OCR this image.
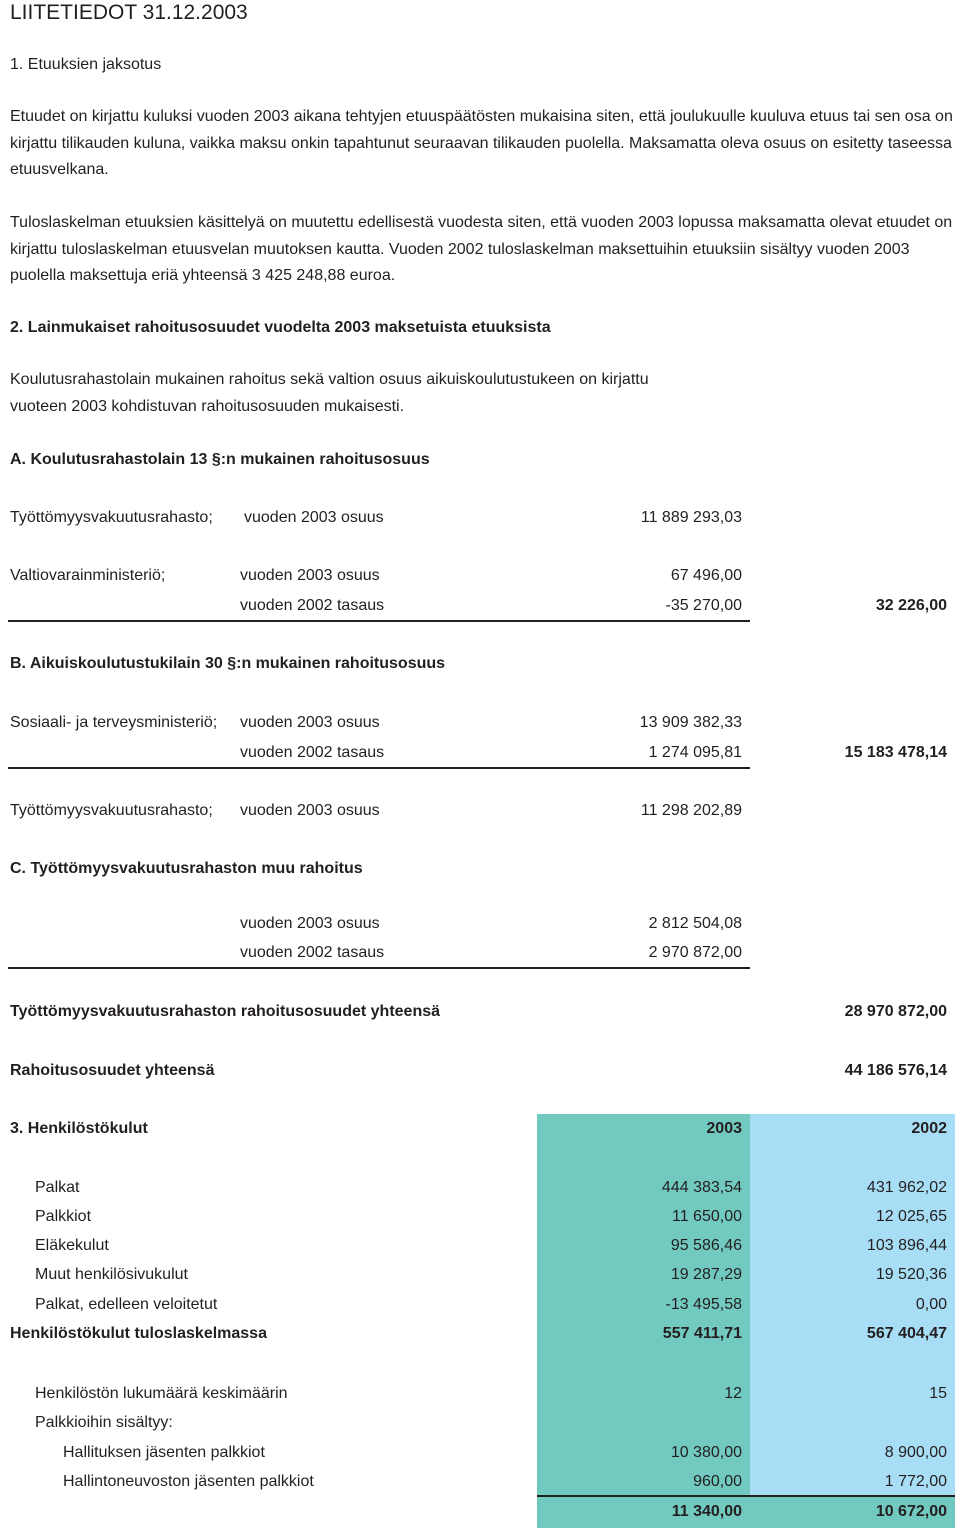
LIITETIEDOT 31.12.2003
1. Etuuksien jaksotus
Etuudet on kirjattu kuluksi vuoden 2003 aikana tehtyjen etuuspäätösten mukaisina siten, että joulukuulle kuuluva etuus tai sen osa on kirjattu tilikauden kuluna, vaikka maksu onkin tapahtunut seuraavan tilikauden puolella. Maksamatta oleva osuus on esitetty taseessa etuusvelkana.
Tuloslaskelman etuuksien käsittelyä on muutettu edellisestä vuodesta siten, että vuoden 2003 lopussa maksamatta olevat etuudet on kirjattu tuloslaskelman etuusvelan muutoksen kautta. Vuoden 2002 tuloslaskelman maksettuihin etuuksiin sisältyy vuoden 2003 puolella maksettuja eriä yhteensä 3 425 248,88 euroa.
2. Lainmukaiset rahoitusosuudet vuodelta 2003 maksetuista etuuksista
Koulutusrahastolain mukainen rahoitus sekä valtion osuus aikuiskoulutustukeen on kirjattu
vuoteen 2003 kohdistuvan rahoitusosuuden mukaisesti.
A. Koulutusrahastolain 13 §:n mukainen rahoitusosuus
Työttömyysvakuutusrahasto; vuoden 2003 osuus	11 889 293,03
Valtiovarainministeriö;	vuoden 2003 osuus	67 496,00
vuoden 2002 tasaus	-35 270,00	32 226,00
B. Aikuiskoulutustukilain 30 §:n mukainen rahoitusosuus
Sosiaali- ja terveysministeriö; vuoden 2003 osuus	13 909 382,33
vuoden 2002 tasaus	1 274 095,81	15 183 478,14
Työttömyysvakuutusrahasto; vuoden 2003 osuus	11 298 202,89
C. Työttömyysvakuutusrahaston muu rahoitus
vuoden 2003 osuus	2 812 504,08
vuoden 2002 tasaus	2 970 872,00
Työttömyysvakuutusrahaston rahoitusosuudet yhteensä	28 970 872,00
Rahoitusosuudet yhteensä	44 186 576,14
3. Henkilöstökulut	2003	2002
Palkat	444 383,54	431 962,02
Palkkiot	11 650,00	12 025,65
Eläkekulut	95 586,46	103 896,44
Muut henkilösivukulut	19 287,29	19 520,36
Palkat, edelleen veloitetut	-13 495,58	0,00
Henkilöstökulut tuloslaskelmassa	557 411,71	567 404,47
Henkilöstön lukumäärä keskimäärin	12	15
Palkkioihin sisältyy:
Hallituksen jäsenten palkkiot	10 380,00	8 900,00
Hallintoneuvoston jäsenten palkkiot	960,00	1 772,00
11 340,00	10 672,00
